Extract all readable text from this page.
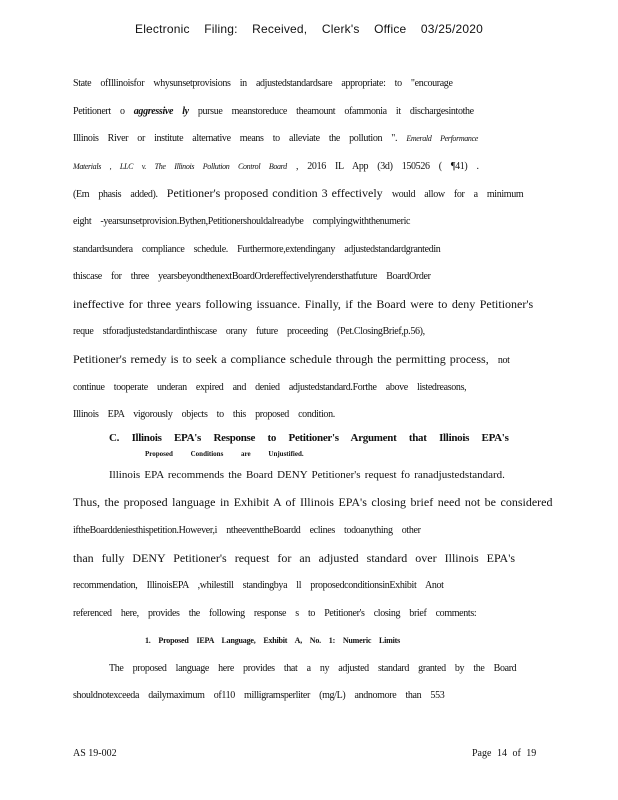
Electronic Filing: Received, Clerk's Office 03/25/2020
State ofIllinoisfor whysunsetprovisions in adjustedstandardsare appropriate: to "encourage
Petitionert o aggressive ly pursue meanstoreduce theamount ofammonia it dischargesintothe
Illinois River or institute alternative means to alleviate the pollution ". Emerald Performance
Materials , LLC v. The Illinois Pollution Control Board , 2016 IL App (3d) 150526 ( ¶41) .
(Em phasis added). Petitioner's proposed condition 3 effectively would allow for a minimum
eight -yearsunsetprovision.Bythen,Petitionershouldalreadybe complyingwiththenumeric
standardsundera compliance schedule. Furthermore,extendingany adjustedstandardgrantedin
thiscase for three yearsbeyondthenextBoardOrdereffectivelyrendersthatfuture BoardOrder
ineffective for three years following issuance. Finally, if the Board were to deny Petitioner's
reque stforadjustedstandardinthiscase orany future proceeding (Pet.ClosingBrief,p.56),
Petitioner's remedy is to seek a compliance schedule through the permitting process, not
continue tooperate underan expired and denied adjustedstandard.Forthe above listedreasons,
Illinois EPA vigorously objects to this proposed condition.
C. Illinois EPA's Response to Petitioner's Argument that Illinois EPA's
Proposed Conditions are Unjustified.
Illinois EPA recommends the Board DENY Petitioner's request fo ranadjustedstandard.
Thus, the proposed language in Exhibit A of Illinois EPA's closing brief need not be considered
iftheBoarddeniesthispetition.However,i ntheeventtheBoardd eclines todoanything other
than fully DENY Petitioner's request for an adjusted standard over Illinois EPA's
recommendation, IllinoisEPA ,whilestill standingbya ll proposedconditionsinExhibit Anot
referenced here, provides the following response s to Petitioner's closing brief comments:
1. Proposed IEPA Language, Exhibit A, No. 1: Numeric Limits
The proposed language here provides that a ny adjusted standard granted by the Board
shouldnotexceeda dailymaximum of110 milligramsperliter (mg/L) andnomore than 553
AS 19-002	Page 14 of 19
